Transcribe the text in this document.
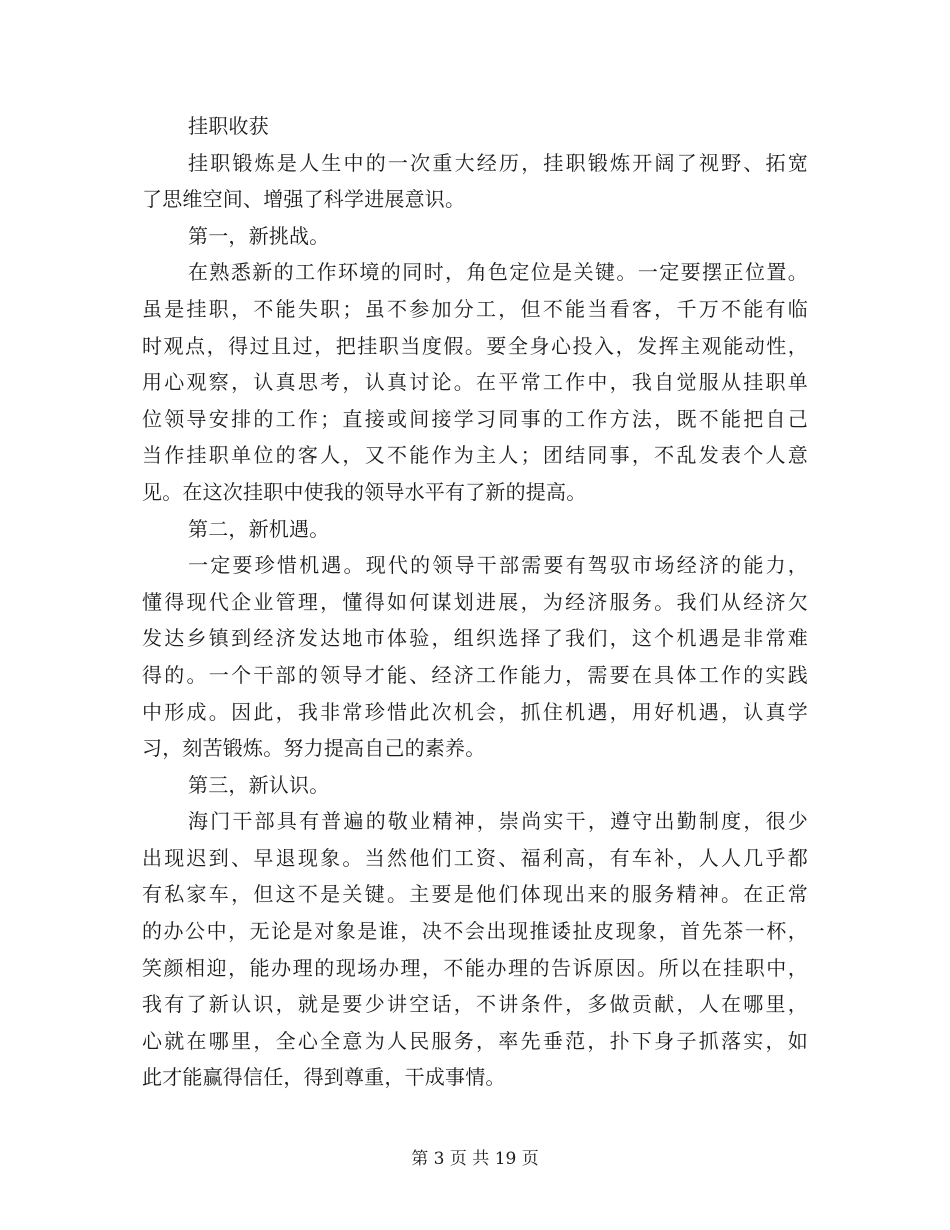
挂职收获
挂职锻炼是人生中的一次重大经历，挂职锻炼开阔了视野、拓宽
了思维空间、增强了科学进展意识。
第一，新挑战。
在熟悉新的工作环境的同时，角色定位是关键。一定要摆正位置。
虽是挂职，不能失职；虽不参加分工，但不能当看客，千万不能有临
时观点，得过且过，把挂职当度假。要全身心投入，发挥主观能动性，
用心观察，认真思考，认真讨论。在平常工作中，我自觉服从挂职单
位领导安排的工作；直接或间接学习同事的工作方法，既不能把自己
当作挂职单位的客人，又不能作为主人；团结同事，不乱发表个人意
见。在这次挂职中使我的领导水平有了新的提高。
第二，新机遇。
一定要珍惜机遇。现代的领导干部需要有驾驭市场经济的能力，
懂得现代企业管理，懂得如何谋划进展，为经济服务。我们从经济欠
发达乡镇到经济发达地市体验，组织选择了我们，这个机遇是非常难
得的。一个干部的领导才能、经济工作能力，需要在具体工作的实践
中形成。因此，我非常珍惜此次机会，抓住机遇，用好机遇，认真学
习，刻苦锻炼。努力提高自己的素养。
第三，新认识。
海门干部具有普遍的敬业精神，崇尚实干，遵守出勤制度，很少
出现迟到、早退现象。当然他们工资、福利高，有车补，人人几乎都
有私家车，但这不是关键。主要是他们体现出来的服务精神。在正常
的办公中，无论是对象是谁，决不会出现推诿扯皮现象，首先茶一杯，
笑颜相迎，能办理的现场办理，不能办理的告诉原因。所以在挂职中，
我有了新认识，就是要少讲空话，不讲条件，多做贡献，人在哪里，
心就在哪里，全心全意为人民服务，率先垂范，扑下身子抓落实，如
此才能赢得信任，得到尊重，干成事情。
第 3 页 共 19 页
